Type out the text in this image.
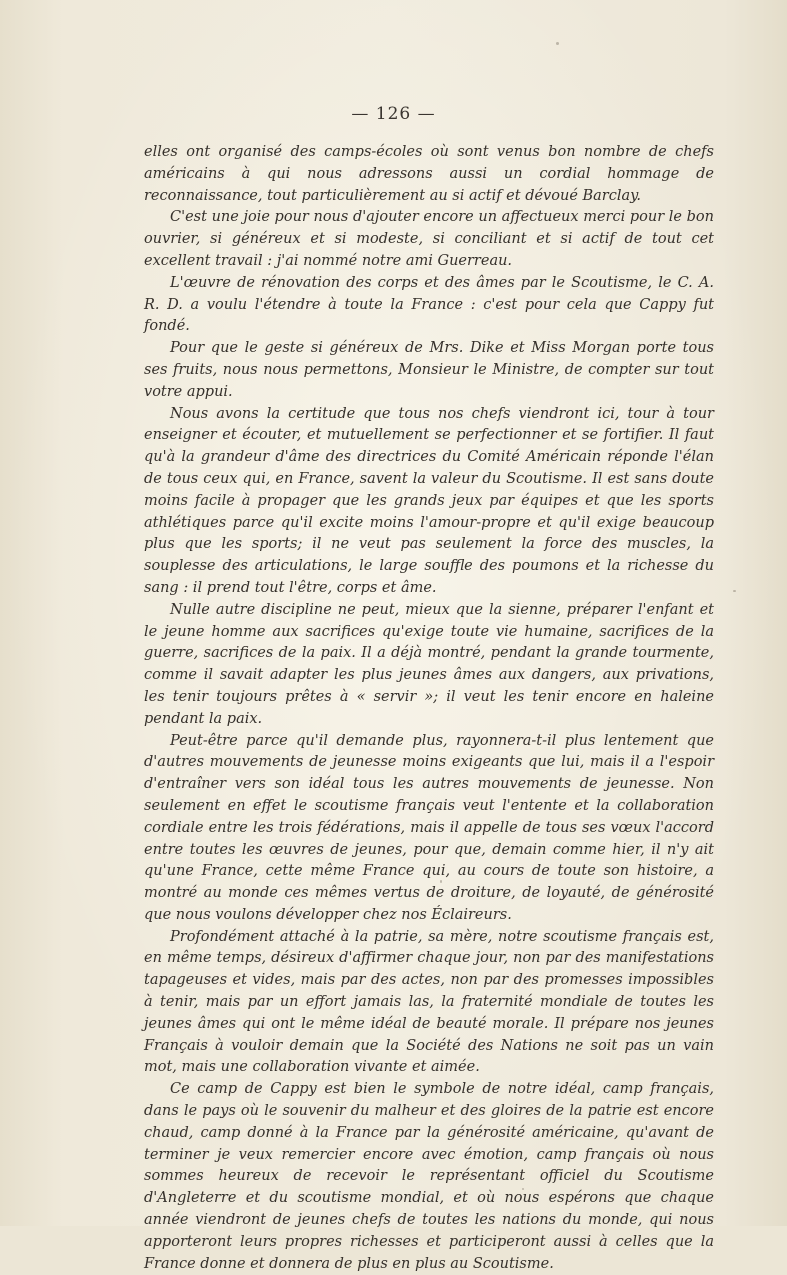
— 126 —

elles ont organisé des camps-écoles où sont venus bon nombre de chefs américains à qui nous adressons aussi un cordial hommage de reconnaissance, tout particulièrement au si actif et dévoué Barclay.

C'est une joie pour nous d'ajouter encore un affectueux merci pour le bon ouvrier, si généreux et si modeste, si conciliant et si actif de tout cet excellent travail : j'ai nommé notre ami Guerreau.

L'œuvre de rénovation des corps et des âmes par le Scoutisme, le C. A. R. D. a voulu l'étendre à toute la France : c'est pour cela que Cappy fut fondé.

Pour que le geste si généreux de Mrs. Dike et Miss Morgan porte tous ses fruits, nous nous permettons, Monsieur le Ministre, de compter sur tout votre appui.

Nous avons la certitude que tous nos chefs viendront ici, tour à tour enseigner et écouter, et mutuellement se perfectionner et se fortifier. Il faut qu'à la grandeur d'âme des directrices du Comité Américain réponde l'élan de tous ceux qui, en France, savent la valeur du Scoutisme. Il est sans doute moins facile à propager que les grands jeux par équipes et que les sports athlétiques parce qu'il excite moins l'amour-propre et qu'il exige beaucoup plus que les sports; il ne veut pas seulement la force des muscles, la souplesse des articulations, le large souffle des poumons et la richesse du sang : il prend tout l'être, corps et âme.

Nulle autre discipline ne peut, mieux que la sienne, préparer l'enfant et le jeune homme aux sacrifices qu'exige toute vie humaine, sacrifices de la guerre, sacrifices de la paix. Il a déjà montré, pendant la grande tourmente, comme il savait adapter les plus jeunes âmes aux dangers, aux privations, les tenir toujours prêtes à « servir »; il veut les tenir encore en haleine pendant la paix.

Peut-être parce qu'il demande plus, rayonnera-t-il plus lentement que d'autres mouvements de jeunesse moins exigeants que lui, mais il a l'espoir d'entraîner vers son idéal tous les autres mouvements de jeunesse. Non seulement en effet le scoutisme français veut l'entente et la collaboration cordiale entre les trois fédérations, mais il appelle de tous ses vœux l'accord entre toutes les œuvres de jeunes, pour que, demain comme hier, il n'y ait qu'une France, cette même France qui, au cours de toute son histoire, a montré au monde ces mêmes vertus de droiture, de loyauté, de générosité que nous voulons développer chez nos Éclaireurs.

Profondément attaché à la patrie, sa mère, notre scoutisme français est, en même temps, désireux d'affirmer chaque jour, non par des manifestations tapageuses et vides, mais par des actes, non par des promesses impossibles à tenir, mais par un effort jamais las, la fraternité mondiale de toutes les jeunes âmes qui ont le même idéal de beauté morale. Il prépare nos jeunes Français à vouloir demain que la Société des Nations ne soit pas un vain mot, mais une collaboration vivante et aimée.

Ce camp de Cappy est bien le symbole de notre idéal, camp français, dans le pays où le souvenir du malheur et des gloires de la patrie est encore chaud, camp donné à la France par la générosité américaine, qu'avant de terminer je veux remercier encore avec émotion, camp français où nous sommes heureux de recevoir le représentant officiel du Scoutisme d'Angleterre et du scoutisme mondial, et où nous espérons que chaque année viendront de jeunes chefs de toutes les nations du monde, qui nous apporteront leurs propres richesses et participeront aussi à celles que la France donne et donnera de plus en plus au Scoutisme.
